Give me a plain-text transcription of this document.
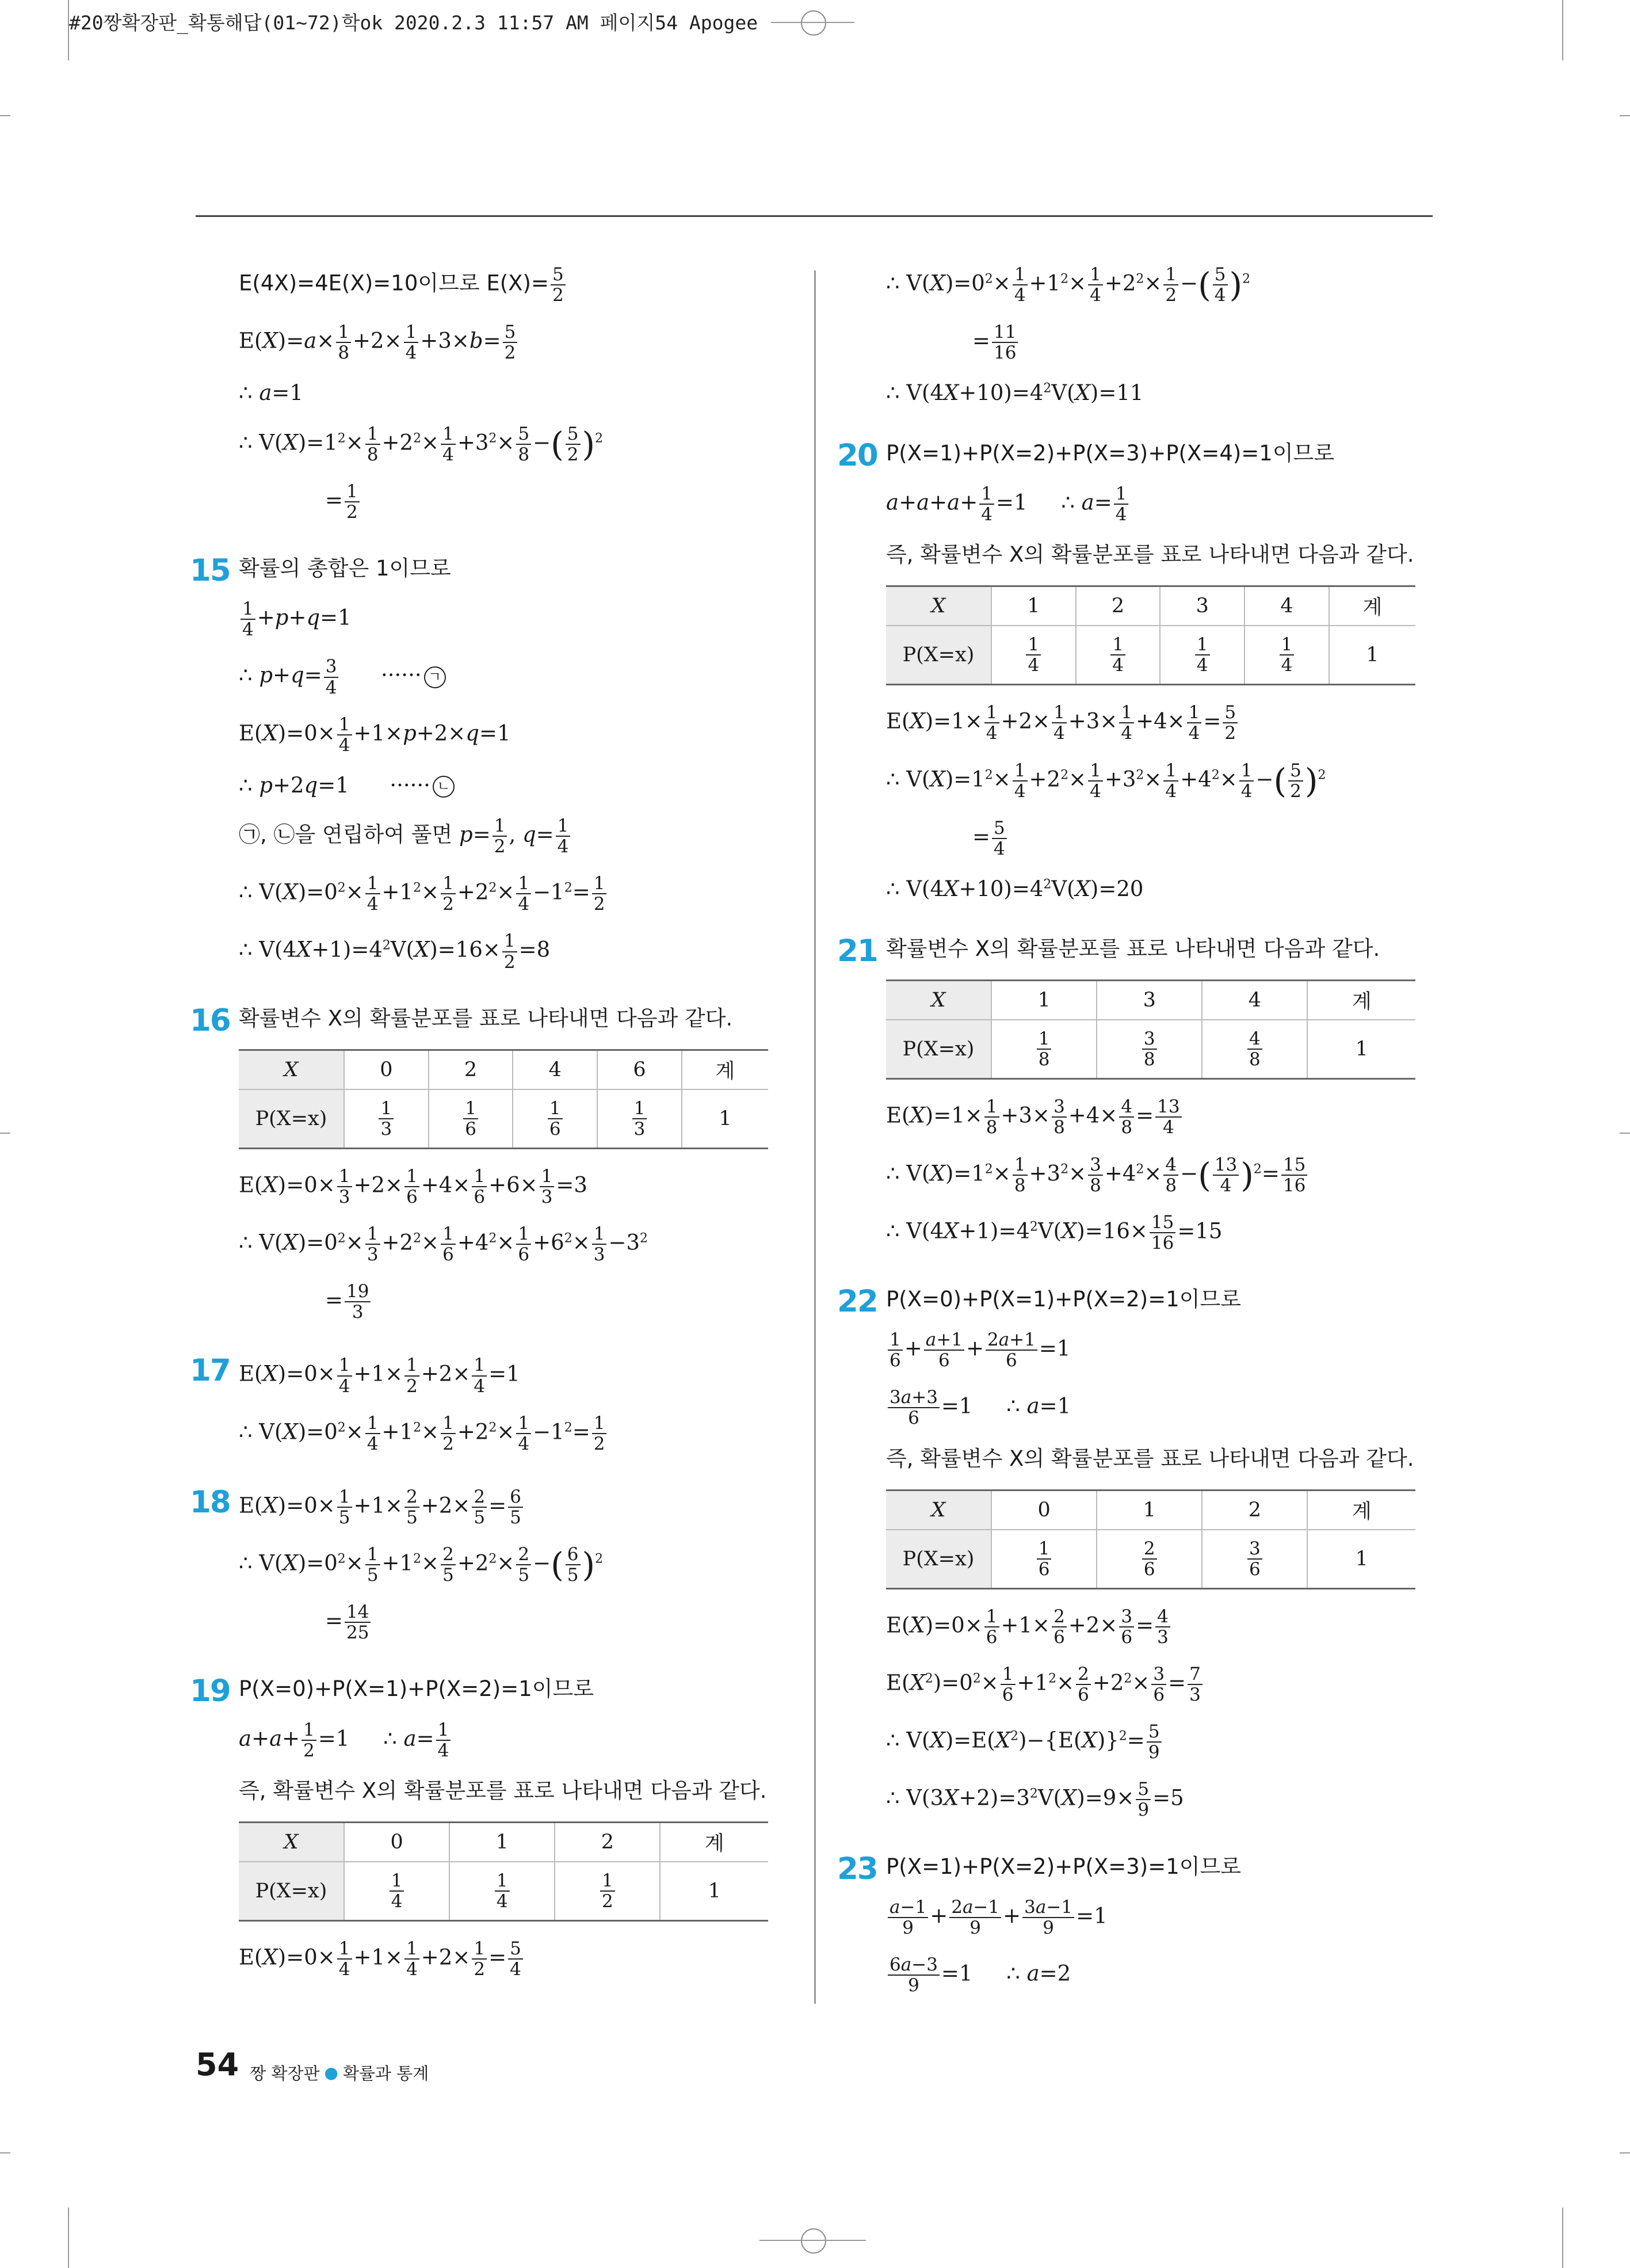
#20짱확장판_확통해답(01~72)학ok 2020.2.3 11:57 AM 페이지54 Apogee
E(4X)=4E(X)=10이므로 $E(X)= \frac{5}{2}$
$E(X)=a\times \frac{1}{8} +2\times \frac{1}{4} +3\times b= \frac{5}{2}$
∴ a=1
∴ $V(X)=1^2\times \frac{1}{8} +2^2\times \frac{1}{4} +3^2\times \frac{5}{8}$ −( $\frac{5}{2} )^2$
= $\frac{1}{2}$
15 확률의 총합은 1이므로
$\frac{1}{4} +p+q=1$
∴ $p+q= \frac{3}{4}$ ······ ㄱ
$E(X)=0\times \frac{1}{4} +1\times p+2\times q=1$
∴ p+2q=1      ······ ㄴ
㉠, ㉡을 연립하여 풀면 $p= \frac{1}{2}$ , $q= \frac{1}{4}$
∴ $V(X)=0^2\times \frac{1}{4} +1^2\times \frac{1}{2} +2^2\times \frac{1}{4} -1^2= \frac{1}{2}$
∴ $V(4X+1)=4^2V(X)=16\times \frac{1}{2} =8$
16 확률변수 X의 확률분포를 표로 나타내면 다음과 같다.
X	0	2	4	6	계
P(X=x)	$\frac{1}{3}$	$\frac{1}{6}$	$\frac{1}{6}$	$\frac{1}{3}$	1
$E(X)=0\times \frac{1}{3} +2\times \frac{1}{6} +4\times \frac{1}{6} +6\times \frac{1}{3} =3$
∴ $V(X)=0^2\times \frac{1}{3} +2^2\times \frac{1}{6} +4^2\times \frac{1}{6} +6^2\times \frac{1}{3} -3^2$
= $\frac{19}{3}$
17 $E(X)=0\times \frac{1}{4} +1\times \frac{1}{2} +2\times \frac{1}{4} =1$
∴ $V(X)=0^2\times \frac{1}{4} +1^2\times \frac{1}{2} +2^2\times \frac{1}{4} -1^2= \frac{1}{2}$
18 $E(X)=0\times \frac{1}{5} +1\times \frac{2}{5} +2\times \frac{2}{5} = \frac{6}{5}$
∴ $V(X)=0^2\times \frac{1}{5} +1^2\times \frac{2}{5} +2^2\times \frac{2}{5}$ −( $\frac{6}{5} )^2$
= $\frac{14}{25}$
19 P(X=0)+P(X=1)+P(X=2)=1이므로
$a+a+ \frac{1}{2} =1$     ∴ $a= \frac{1}{4}$
즉, 확률변수 X의 확률분포를 표로 나타내면 다음과 같다.
X	0	1	2	계
P(X=x)	$\frac{1}{4}$	$\frac{1}{4}$	$\frac{1}{2}$	1
$E(X)=0\times \frac{1}{4} +1\times \frac{1}{4} +2\times \frac{1}{2} = \frac{5}{4}$
∴ $V(X)=0^2\times \frac{1}{4} +1^2\times \frac{1}{4} +2^2\times \frac{1}{2}$ −( $\frac{5}{4} )^2$
= $\frac{11}{16}$
∴ $V(4X+10)=4^2V(X)=11$
20 P(X=1)+P(X=2)+P(X=3)+P(X=4)=1이므로
$a+a+a+ \frac{1}{4} =1$     ∴ $a= \frac{1}{4}$
즉, 확률변수 X의 확률분포를 표로 나타내면 다음과 같다.
X	1	2	3	4	계
P(X=x)	$\frac{1}{4}$	$\frac{1}{4}$	$\frac{1}{4}$	$\frac{1}{4}$	1
$E(X)=1\times \frac{1}{4} +2\times \frac{1}{4} +3\times \frac{1}{4} +4\times \frac{1}{4} = \frac{5}{2}$
∴ $V(X)=1^2\times \frac{1}{4} +2^2\times \frac{1}{4} +3^2\times \frac{1}{4} +4^2\times \frac{1}{4}$ −( $\frac{5}{2} )^2$
= $\frac{5}{4}$
∴ $V(4X+10)=4^2V(X)=20$
21 확률변수 X의 확률분포를 표로 나타내면 다음과 같다.
X	1	3	4	계
P(X=x)	$\frac{1}{8}$	$\frac{3}{8}$	$\frac{4}{8}$	1
$E(X)=1\times \frac{1}{8} +3\times \frac{3}{8} +4\times \frac{4}{8} = \frac{13}{4}$
∴ $V(X)=1^2\times \frac{1}{8} +3^2\times \frac{3}{8} +4^2\times \frac{4}{8}$ −( $\frac{13}{4} )^2= \frac{15}{16}$
∴ $V(4X+1)=4^2V(X)=16\times \frac{15}{16} =15$
22 P(X=0)+P(X=1)+P(X=2)=1이므로
$\frac{1}{6} + \frac{a+1}{6} + \frac{2a+1}{6} =1$
$\frac{3a+3}{6} =1$     ∴ a=1
즉, 확률변수 X의 확률분포를 표로 나타내면 다음과 같다.
X	0	1	2	계
P(X=x)	$\frac{1}{6}$	$\frac{2}{6}$	$\frac{3}{6}$	1
$E(X)=0\times \frac{1}{6} +1\times \frac{2}{6} +2\times \frac{3}{6} = \frac{4}{3}$
$E(X^2)=0^2\times \frac{1}{6} +1^2\times \frac{2}{6} +2^2\times \frac{3}{6} = \frac{7}{3}$
∴ $V(X)=E(X^2)-\{E(X)\}^2= \frac{5}{9}$
∴ $V(3X+2)=3^2V(X)=9\times \frac{5}{9} =5$
23 P(X=1)+P(X=2)+P(X=3)=1이므로
$\frac{a-1}{9} + \frac{2a-1}{9} + \frac{3a-1}{9} =1$
$\frac{6a-3}{9} =1$     ∴ a=2
54 짱 확장판 ● 확률과 통계
